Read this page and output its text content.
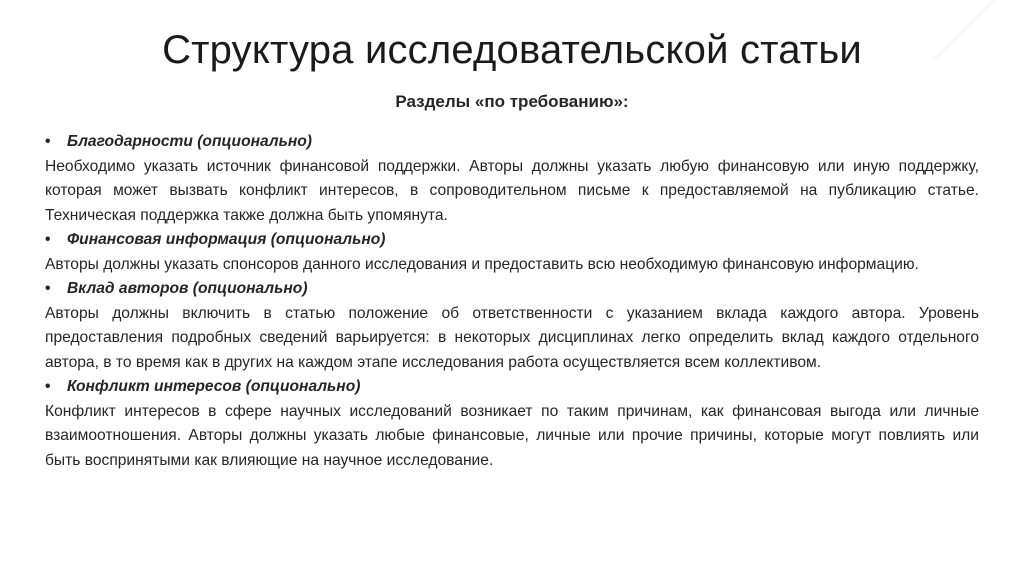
Структура исследовательской статьи
Разделы «по требованию»:
• Благодарности (опционально)
Необходимо указать источник финансовой поддержки. Авторы должны указать любую финансовую или иную поддержку, которая может вызвать конфликт интересов, в сопроводительном письме к предоставляемой на публикацию статье. Техническая поддержка также должна быть упомянута.
• Финансовая информация (опционально)
Авторы должны указать спонсоров данного исследования и предоставить всю необходимую финансовую информацию.
• Вклад авторов (опционально)
Авторы должны включить в статью положение об ответственности с указанием вклада каждого автора. Уровень предоставления подробных сведений варьируется: в некоторых дисциплинах легко определить вклад каждого отдельного автора, в то время как в других на каждом этапе исследования работа осуществляется всем коллективом.
• Конфликт интересов (опционально)
Конфликт интересов в сфере научных исследований возникает по таким причинам, как финансовая выгода или личные взаимоотношения. Авторы должны указать любые финансовые, личные или прочие причины, которые могут повлиять или быть воспринятыми как влияющие на научное исследование.
